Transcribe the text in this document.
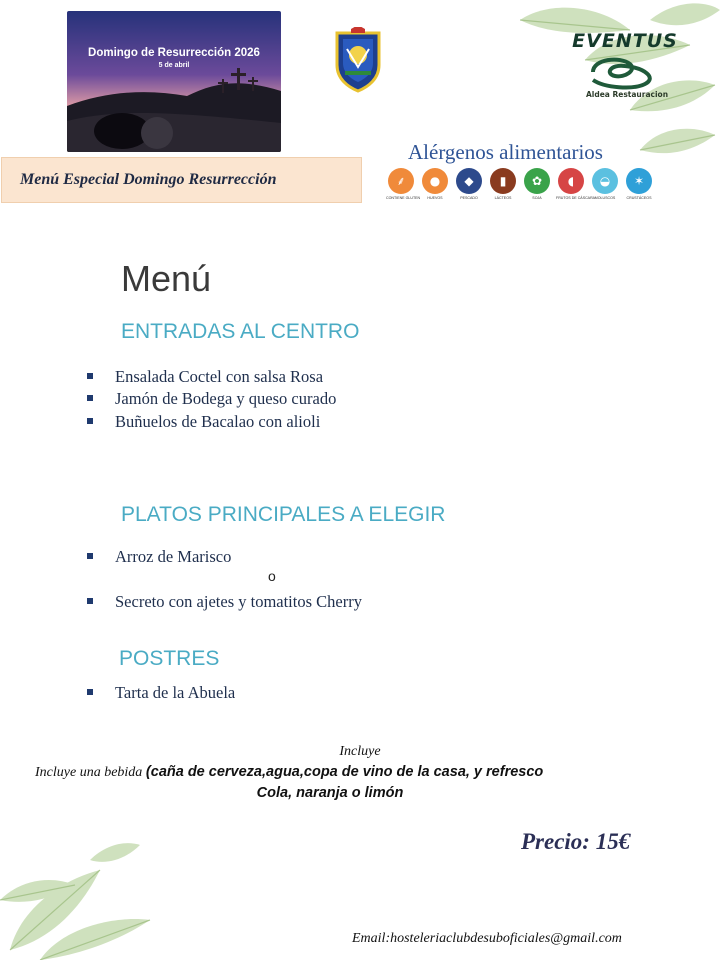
Domingo de Resurrección 2026
5 de abril
EVENTUS
Aldea Restauracion
Menú Especial Domingo Resurrección
Alérgenos alimentarios
⸙
CONTIENE GLUTEN
●
HUEVOS
◆
PESCADO
▮
LÁCTEOS
✿
SOJA
◖
FRUTOS DE CÁSCARA
◒
MOLUSCOS
✶
CRUSTÁCEOS
Menú
ENTRADAS AL CENTRO
Ensalada Coctel con salsa Rosa
Jamón de Bodega y queso curado
Buñuelos de Bacalao con alioli
PLATOS PRINCIPALES A ELEGIR
Arroz de Marisco
o
Secreto con ajetes y tomatitos Cherry
POSTRES
Tarta de la Abuela
Incluye
Incluye una bebida (caña de cerveza,agua,copa de vino de la casa, y refresco
Cola, naranja o limón
Precio: 15€
Email:hosteleriaclubdesuboficiales@gmail.com
